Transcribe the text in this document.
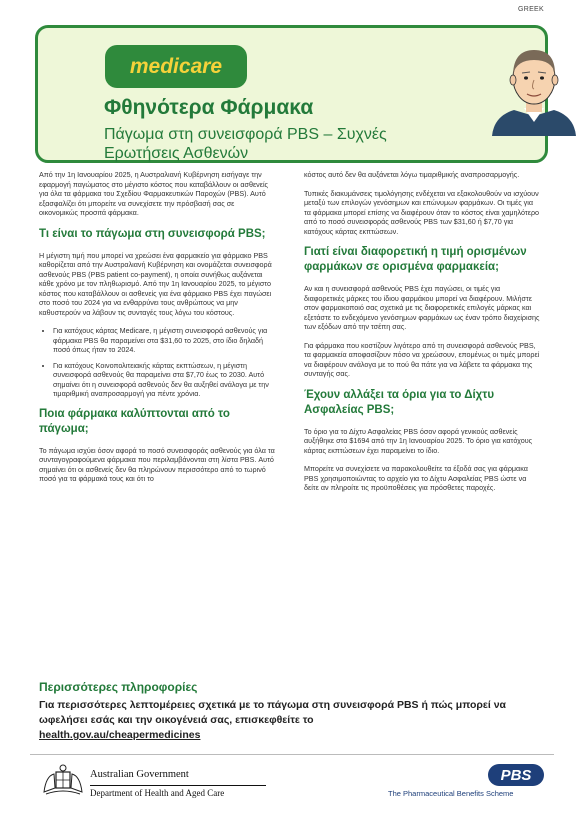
GREEK
medicare
Φθηνότερα Φάρμακα
Πάγωμα στη συνεισφορά PBS – Συχνές Ερωτήσεις Ασθενών

Από την 1η Ιανουαρίου 2025, η Αυστραλιανή Κυβέρνηση εισήγαγε την εφαρμογή παγώματος στο μέγιστο κόστος που καταβάλλουν οι ασθενείς για όλα τα φάρμακα του Σχεδίου Φαρμακευτικών Παροχών (PBS). Αυτό εξασφαλίζει ότι μπορείτε να συνεχίσετε την πρόσβασή σας σε οικονομικώς προσιτά φάρμακα.

Τι είναι το πάγωμα στη συνεισφορά PBS;

Η μέγιστη τιμή που μπορεί να χρεώσει ένα φαρμακείο για φάρμακο PBS καθορίζεται από την Αυστραλιανή Κυβέρνηση και ονομάζεται συνεισφορά ασθενούς PBS (PBS patient co-payment), η οποία συνήθως αυξάνεται κάθε χρόνο με τον πληθωρισμό. Από την 1η Ιανουαρίου 2025, το μέγιστο κόστος που καταβάλλουν οι ασθενείς για ένα φάρμακο PBS έχει παγώσει στο ποσό του 2024 για να ενθαρρύνει τους ανθρώπους να μην καθυστερούν να λάβουν τις συνταγές τους λόγω του κόστους.

• Για κατόχους κάρτας Medicare, η μέγιστη συνεισφορά ασθενούς για φάρμακα PBS θα παραμείνει στα $31,60 το 2025, στο ίδιο δηλαδή ποσό όπως ήταν το 2024.
• Για κατόχους Κοινοπολιτειακής κάρτας εκπτώσεων, η μέγιστη συνεισφορά ασθενούς θα παραμείνει στα $7,70 έως το 2030. Αυτό σημαίνει ότι η συνεισφορά ασθενούς δεν θα αυξηθεί ανάλογα με την τιμαριθμική αναπροσαρμογή για πέντε χρόνια.
Ποια φάρμακα καλύπτονται από το πάγωμα;

Το πάγωμα ισχύει όσον αφορά το ποσό συνεισφοράς ασθενούς για όλα τα συνταγογραφούμενα φάρμακα που περιλαμβάνονται στη λίστα PBS. Αυτό σημαίνει ότι οι ασθενείς δεν θα πληρώνουν περισσότερο από το τωρινό ποσό για τα φάρμακά τους και ότι το

κόστος αυτό δεν θα αυξάνεται λόγω τιμαριθμικής αναπροσαρμογής.

Τυπικές διακυμάνσεις τιμολόγησης ενδέχεται να εξακολουθούν να ισχύουν μεταξύ των επιλογών γενόσημων και επώνυμων φαρμάκων. Οι τιμές για τα φάρμακα μπορεί επίσης να διαφέρουν όταν το κόστος είναι χαμηλότερο από το ποσό συνεισφοράς ασθενούς PBS των $31,60 ή $7,70 για κατόχους κάρτας εκπτώσεων.

Γιατί είναι διαφορετική η τιμή ορισμένων φαρμάκων σε ορισμένα φαρμακεία;

Αν και η συνεισφορά ασθενούς PBS έχει παγώσει, οι τιμές για διαφορετικές μάρκες του ίδιου φαρμάκου μπορεί να διαφέρουν. Μιλήστε στον φαρμακοποιό σας σχετικά με τις διαφορετικές επιλογές μάρκας και εξετάστε το ενδεχόμενο γενόσημων φαρμάκων ως έναν τρόπο διαχείρισης των εξόδων από την τσέπη σας.

Για φάρμακα που κοστίζουν λιγότερο από τη συνεισφορά ασθενούς PBS, τα φαρμακεία αποφασίζουν πόσο να χρεώσουν, επομένως οι τιμές μπορεί να διαφέρουν ανάλογα με το πού θα πάτε για να λάβετε τα φάρμακα της συνταγής σας.

Έχουν αλλάξει τα όρια για το Δίχτυ Ασφαλείας PBS;

Το όριο για το Δίχτυ Ασφαλείας PBS όσον αφορά γενικούς ασθενείς αυξήθηκε στα $1694 από την 1η Ιανουαρίου 2025. Το όριο για κατόχους κάρτας εκπτώσεων έχει παραμείνει το ίδιο.

Μπορείτε να συνεχίσετε να παρακολουθείτε τα έξοδά σας για φάρμακα PBS χρησιμοποιώντας το αρχείο για το Δίχτυ Ασφαλείας PBS ώστε να δείτε αν πληροίτε τις προϋποθέσεις για πρόσθετες παροχές.

Περισσότερες πληροφορίες

Για περισσότερες λεπτομέρειες σχετικά με το πάγωμα στη συνεισφορά PBS ή πώς μπορεί να ωφελήσει εσάς και την οικογένειά σας, επισκεφθείτε το
health.gov.au/cheapermedicines

Australian Government
Department of Health and Aged Care
PBS
The Pharmaceutical Benefits Scheme
